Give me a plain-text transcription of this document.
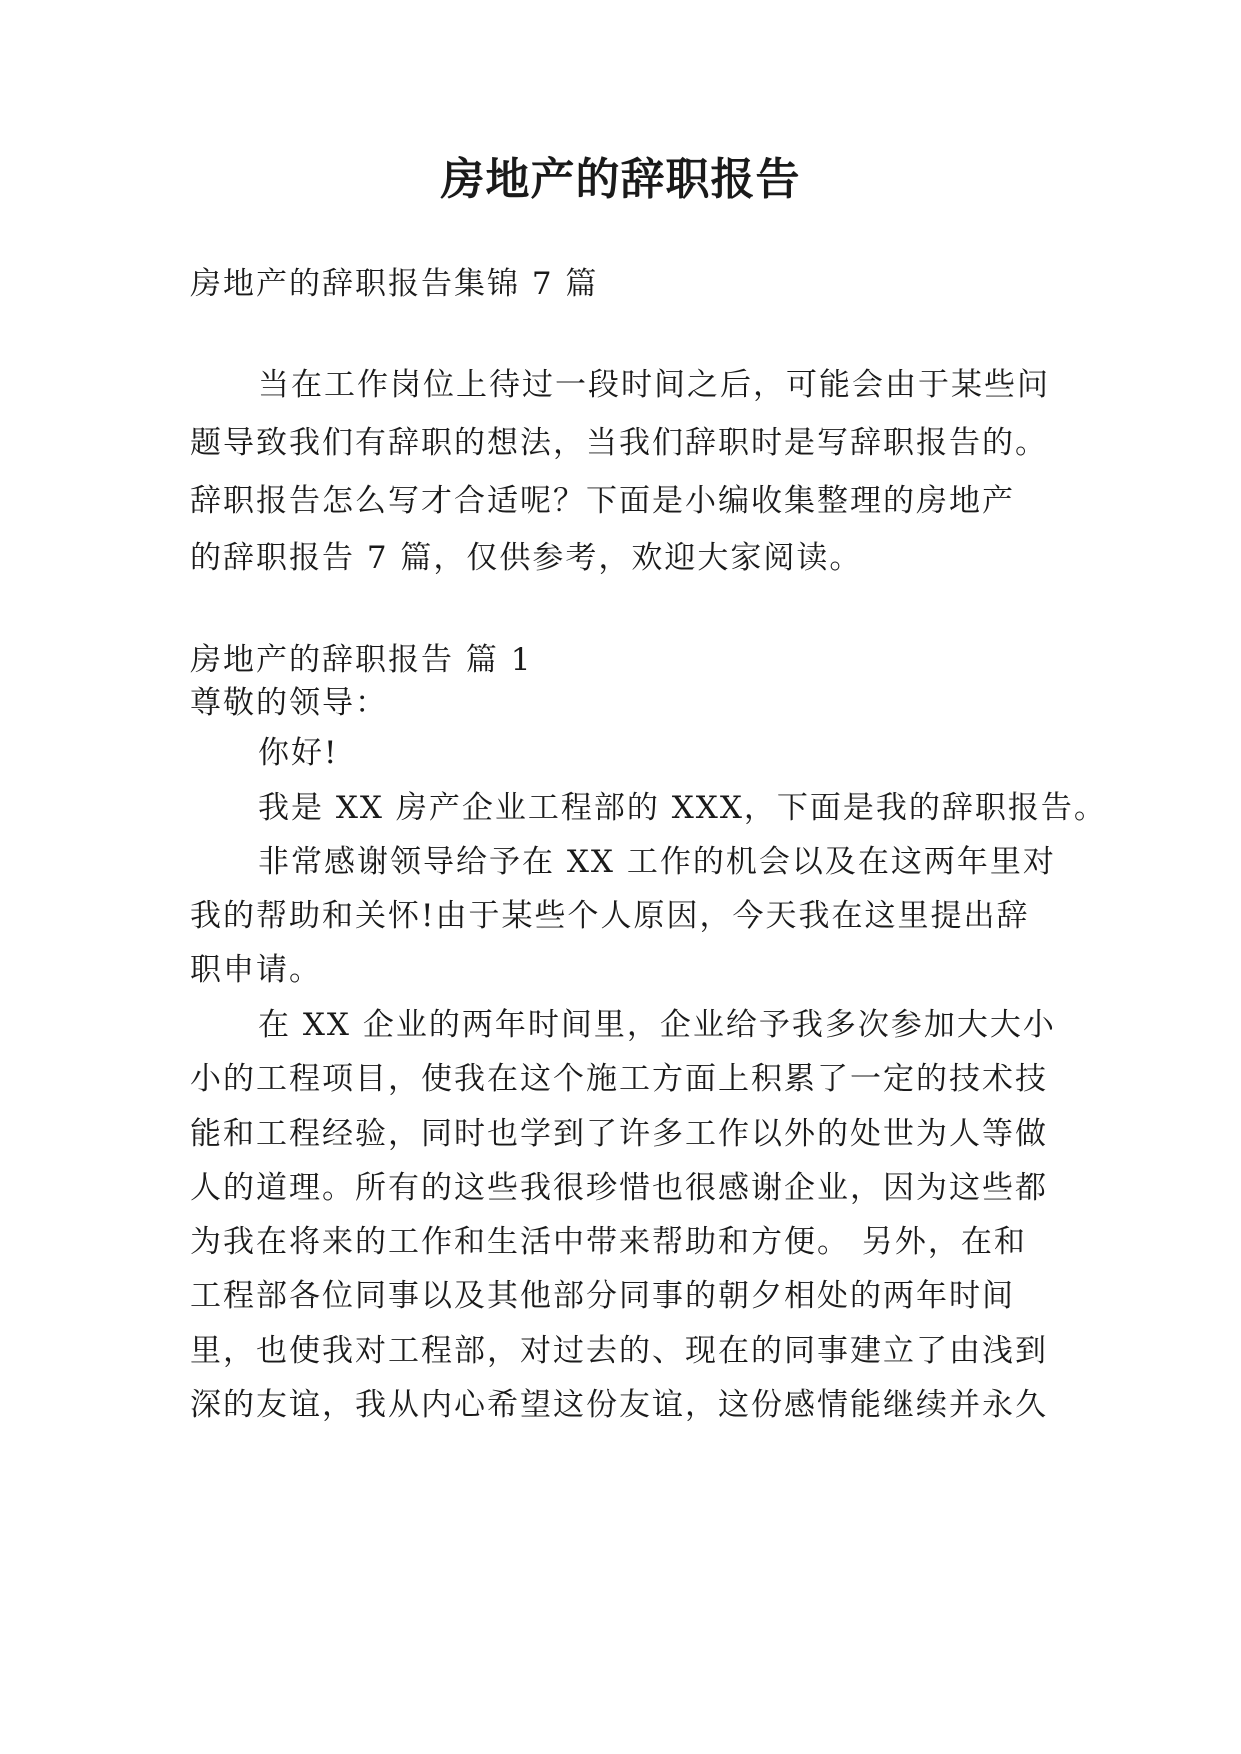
房地产的辞职报告

房地产的辞职报告集锦 7 篇

当在工作岗位上待过一段时间之后，可能会由于某些问

题导致我们有辞职的想法，当我们辞职时是写辞职报告的。

辞职报告怎么写才合适呢？下面是小编收集整理的房地产

的辞职报告 7 篇，仅供参考，欢迎大家阅读。

房地产的辞职报告 篇 1

尊敬的领导：

你好!

我是 XX 房产企业工程部的 XXX，下面是我的辞职报告。

非常感谢领导给予在 XX 工作的机会以及在这两年里对

我的帮助和关怀!由于某些个人原因，今天我在这里提出辞

职申请。

在 XX 企业的两年时间里，企业给予我多次参加大大小

小的工程项目，使我在这个施工方面上积累了一定的技术技

能和工程经验，同时也学到了许多工作以外的处世为人等做

人的道理。所有的这些我很珍惜也很感谢企业，因为这些都

为我在将来的工作和生活中带来帮助和方便。 另外，在和

工程部各位同事以及其他部分同事的朝夕相处的两年时间

里，也使我对工程部，对过去的、现在的同事建立了由浅到

深的友谊，我从内心希望这份友谊，这份感情能继续并永久
